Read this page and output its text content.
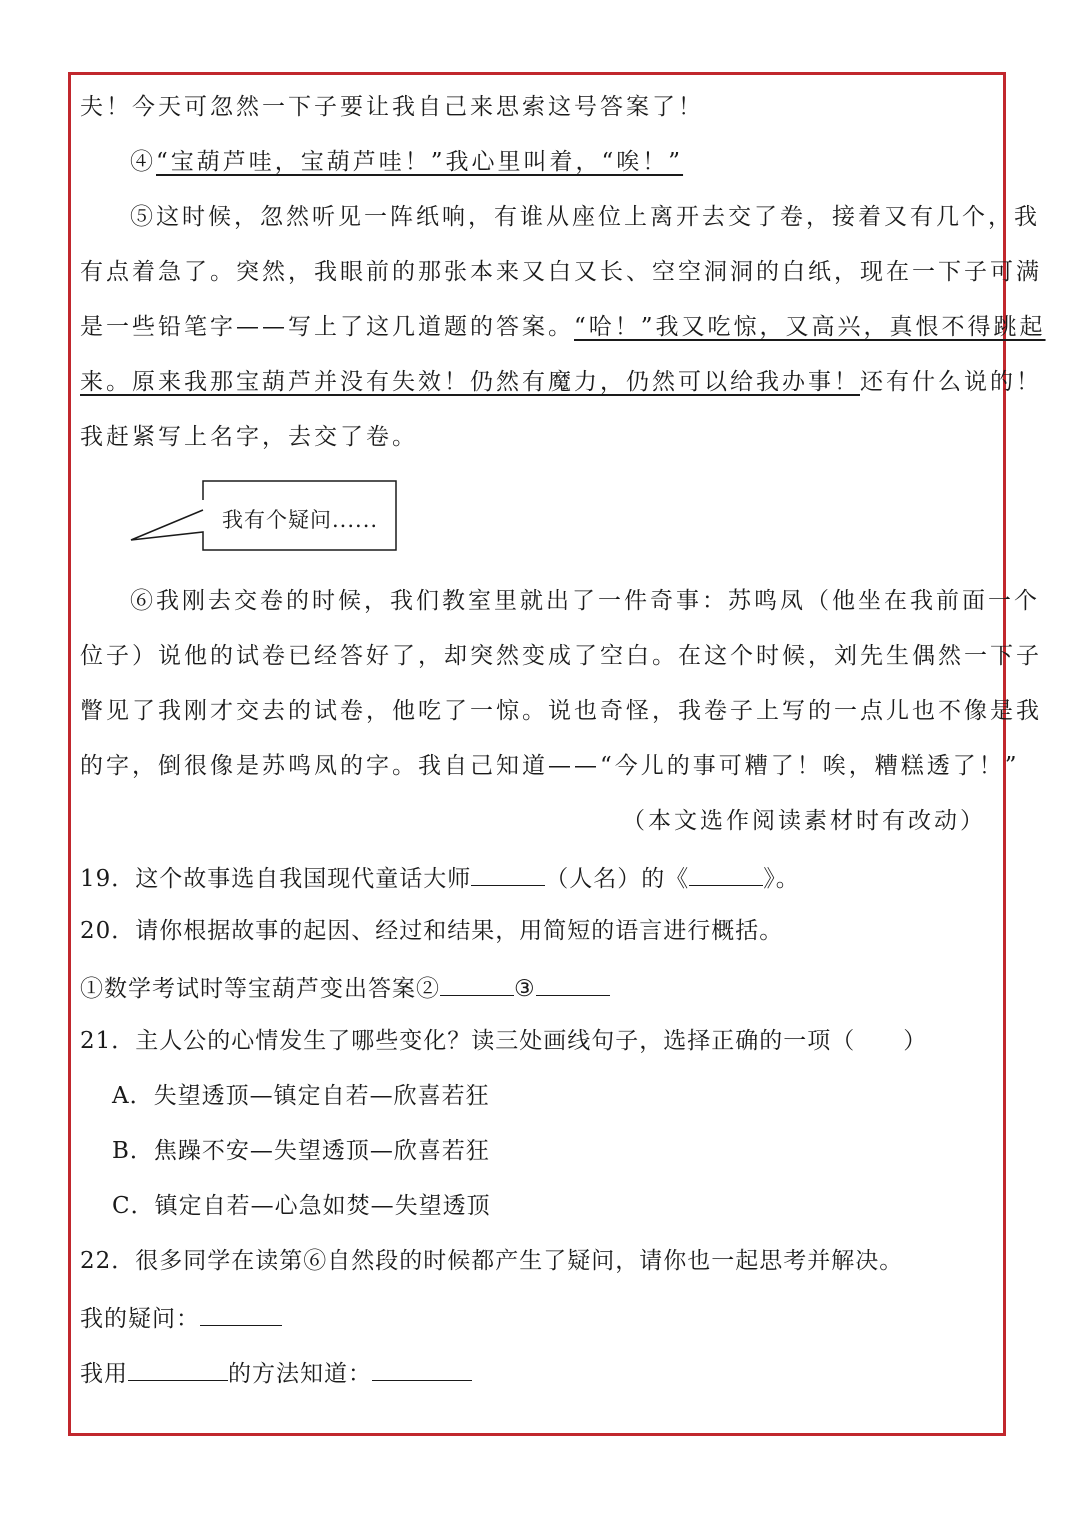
夫！今天可忽然一下子要让我自己来思索这号答案了！
④“宝葫芦哇，宝葫芦哇！”我心里叫着，“唉！”
⑤这时候，忽然听见一阵纸响，有谁从座位上离开去交了卷，接着又有几个，我
有点着急了。突然，我眼前的那张本来又白又长、空空洞洞的白纸，现在一下子可满
是一些铅笔字——写上了这几道题的答案。“哈！”我又吃惊，又高兴，真恨不得跳起
来。原来我那宝葫芦并没有失效！仍然有魔力，仍然可以给我办事！还有什么说的！
我赶紧写上名字，去交了卷。
我有个疑问......
⑥我刚去交卷的时候，我们教室里就出了一件奇事：苏鸣凤（他坐在我前面一个
位子）说他的试卷已经答好了，却突然变成了空白。在这个时候，刘先生偶然一下子
瞥见了我刚才交去的试卷，他吃了一惊。说也奇怪，我卷子上写的一点儿也不像是我
的字，倒很像是苏鸣凤的字。我自己知道——“今儿的事可糟了！唉，糟糕透了！”
（本文选作阅读素材时有改动）
19．这个故事选自我国现代童话大师	（人名）的《	》。
20．请你根据故事的起因、经过和结果，用简短的语言进行概括。
①数学考试时等宝葫芦变出答案②	③
21．主人公的心情发生了哪些变化？读三处画线句子，选择正确的一项（　　）
A．失望透顶—镇定自若—欣喜若狂
B．焦躁不安—失望透顶—欣喜若狂
C．镇定自若—心急如焚—失望透顶
22．很多同学在读第⑥自然段的时候都产生了疑问，请你也一起思考并解决。
我的疑问：
我用	的方法知道：
